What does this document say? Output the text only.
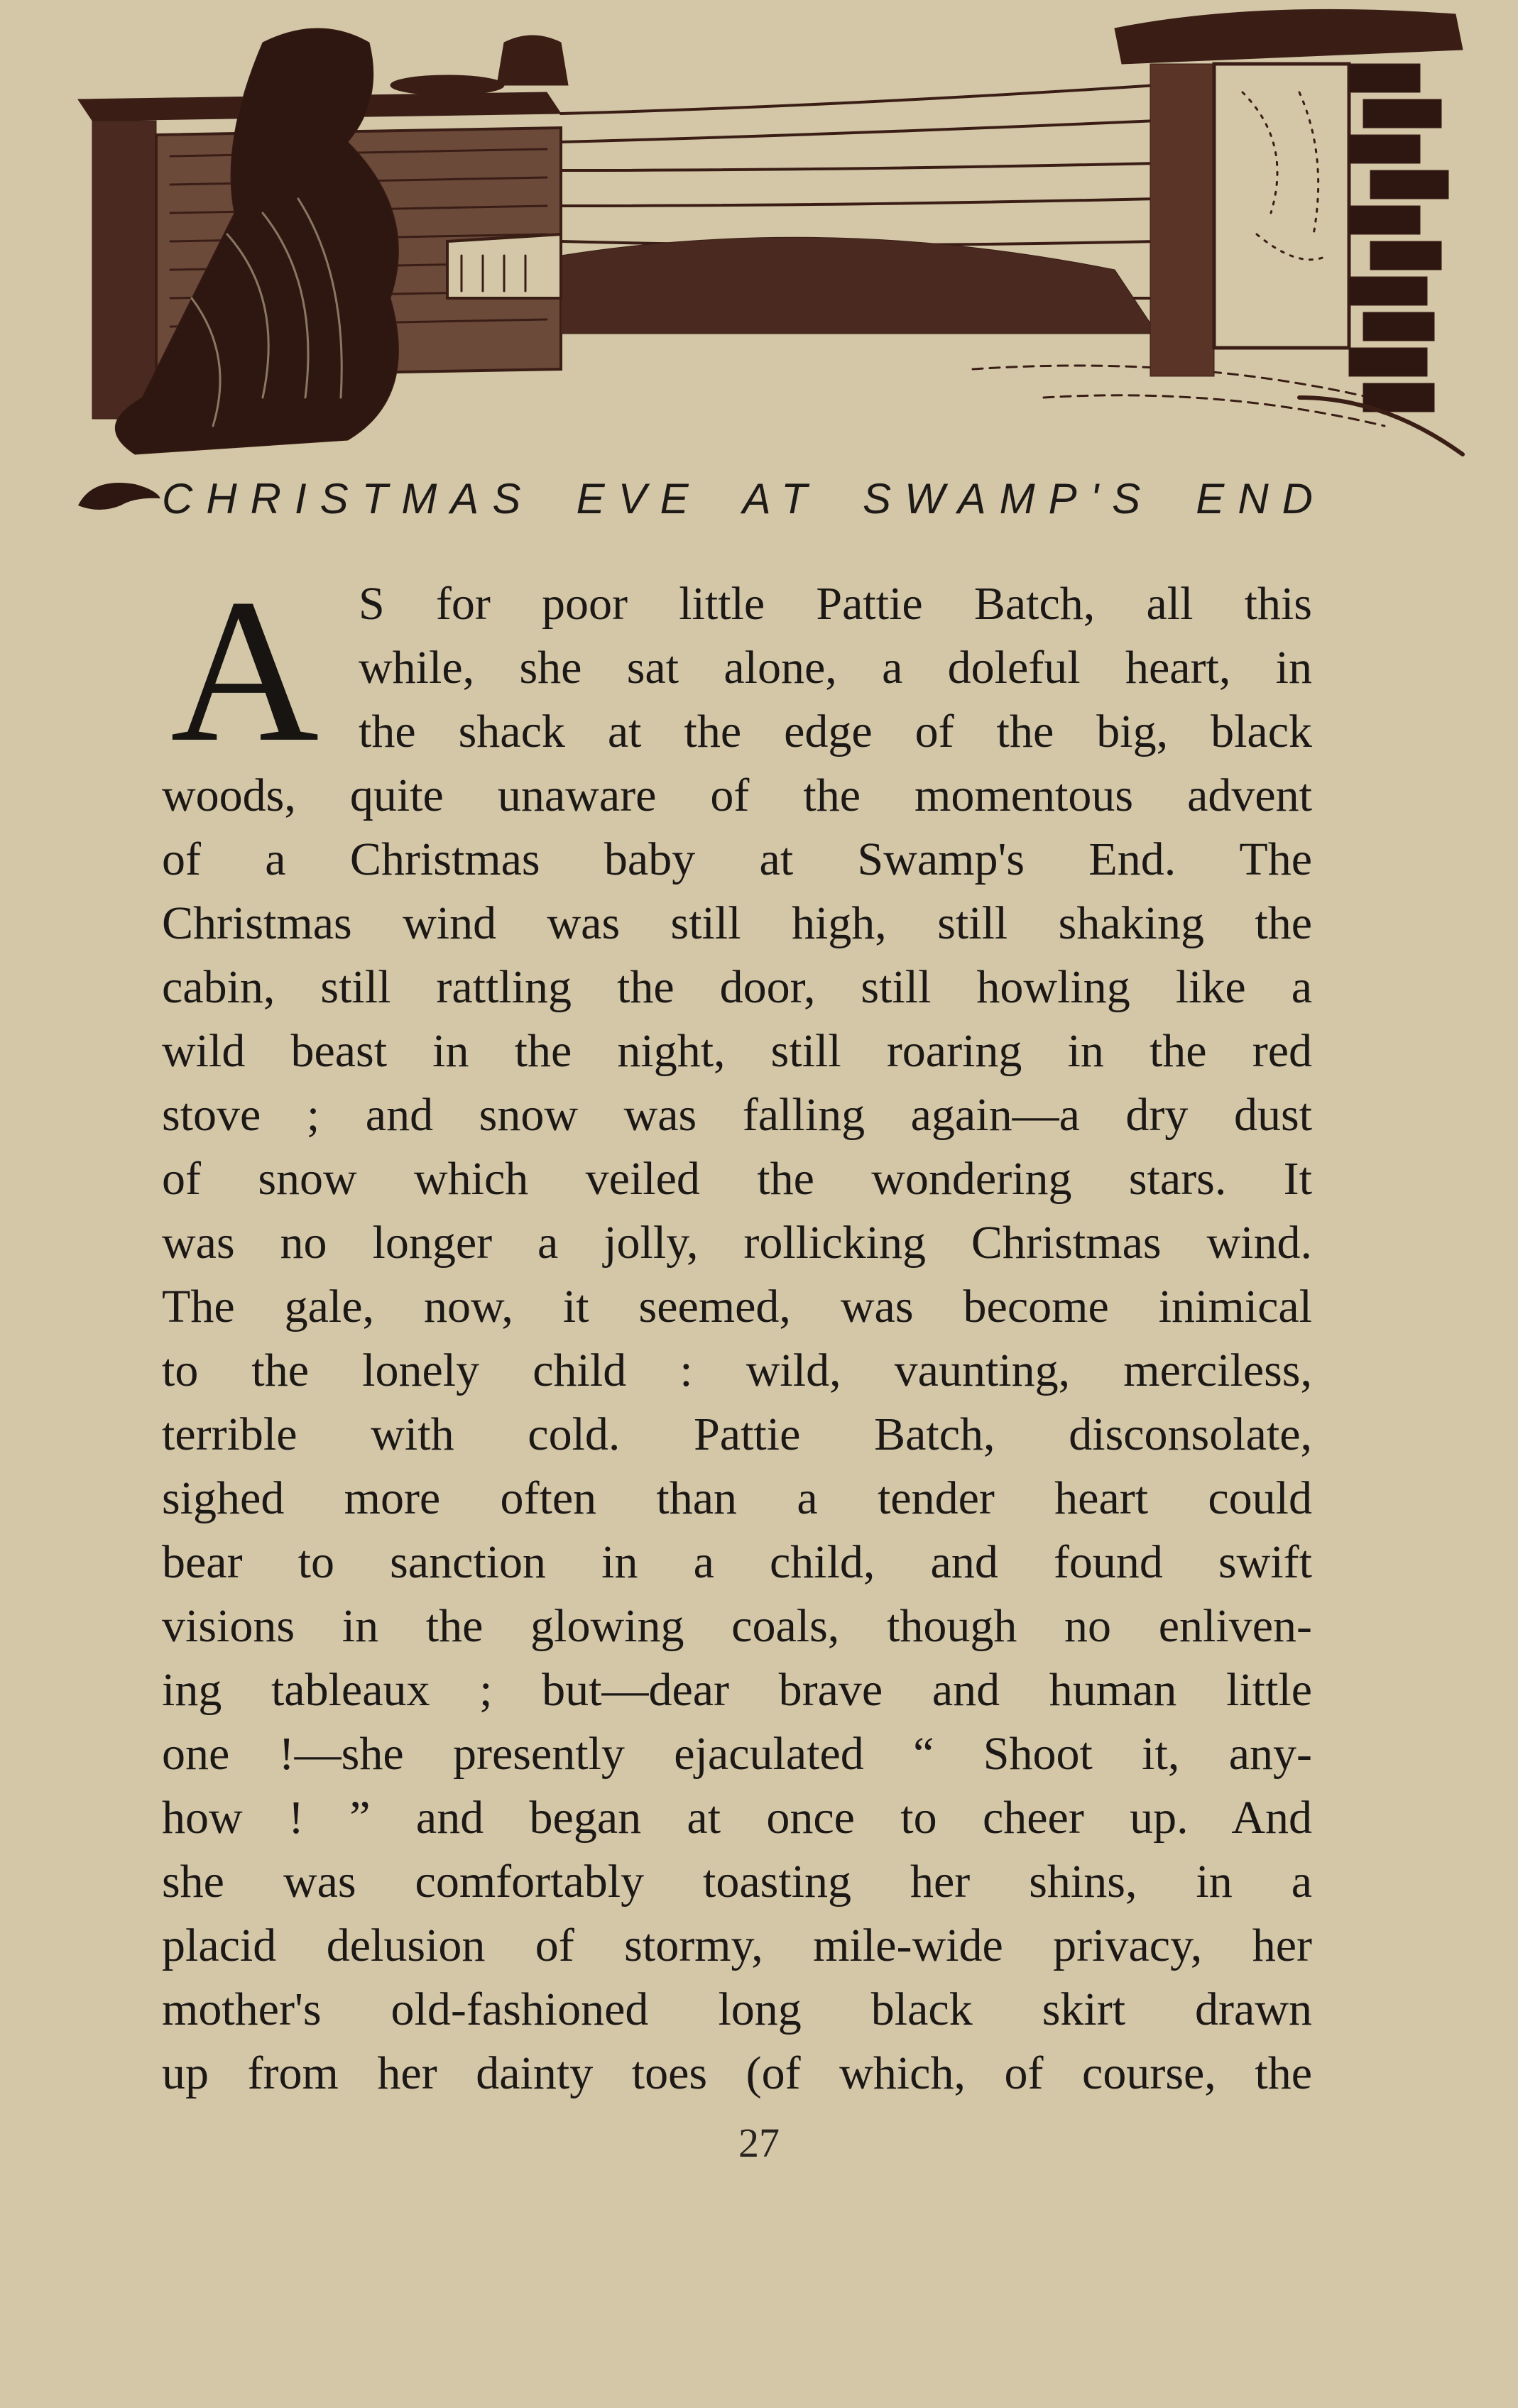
CHRISTMAS EVE AT SWAMP'S END
A S for poor little Pattie Batch, all this
while, she sat alone, a doleful heart, in
the shack at the edge of the big, black
woods, quite unaware of the momentous advent
of a Christmas baby at Swamp's End. The
Christmas wind was still high, still shaking the
cabin, still rattling the door, still howling like a
wild beast in the night, still roaring in the red
stove ; and snow was falling again—a dry dust
of snow which veiled the wondering stars. It
was no longer a jolly, rollicking Christmas wind.
The gale, now, it seemed, was become inimical
to the lonely child : wild, vaunting, merciless,
terrible with cold. Pattie Batch, disconsolate,
sighed more often than a tender heart could
bear to sanction in a child, and found swift
visions in the glowing coals, though no enliven-
ing tableaux ; but—dear brave and human little
one !—she presently ejaculated “ Shoot it, any-
how ! ” and began at once to cheer up. And
she was comfortably toasting her shins, in a
placid delusion of stormy, mile-wide privacy, her
mother's old-fashioned long black skirt drawn
up from her dainty toes (of which, of course, the
27
